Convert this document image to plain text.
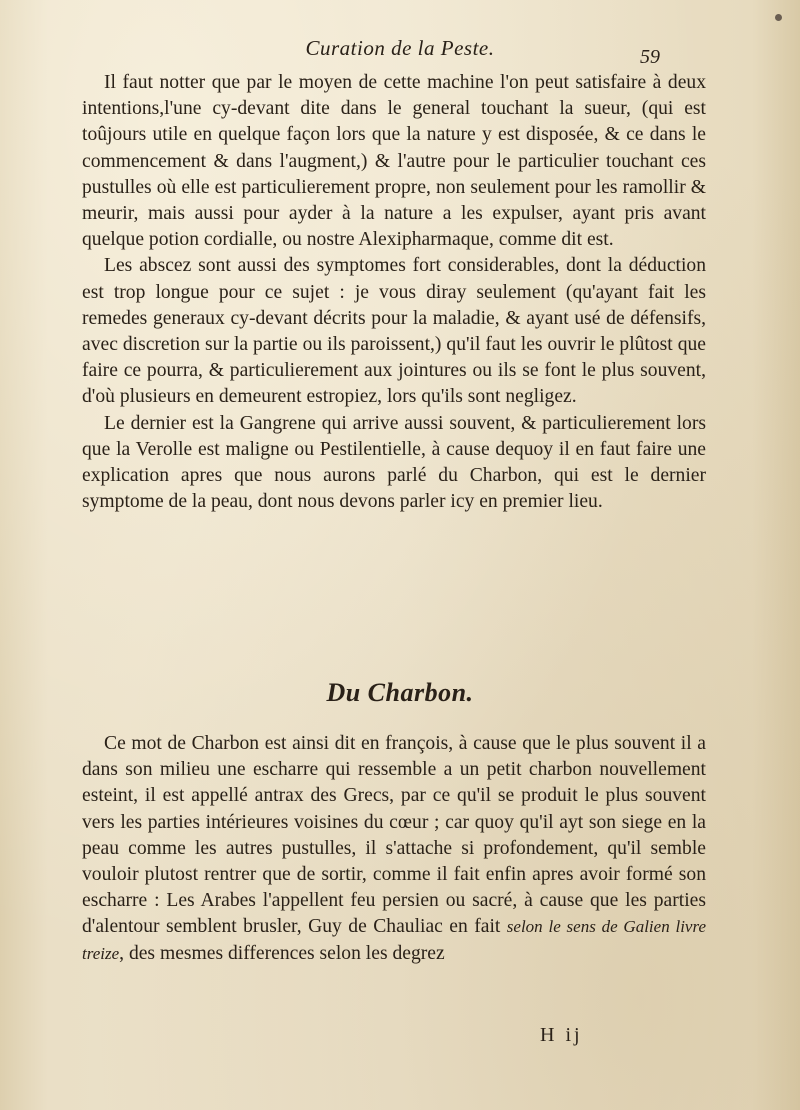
Curation de la Peste.	59

Il faut notter que par le moyen de cette machine l'on peut satisfaire à deux intentions,l'une cy-devant dite dans le general touchant la sueur, (qui est toûjours utile en quelque façon lors que la nature y est disposée, & ce dans le commencement & dans l'augment,) & l'autre pour le particulier touchant ces pustulles où elle est particulierement propre, non seulement pour les ramollir & meurir, mais aussi pour ayder à la nature a les expulser, ayant pris avant quelque potion cordialle, ou nostre Alexipharmaque, comme dit est.

Les abscez sont aussi des symptomes fort considerables, dont la déduction est trop longue pour ce sujet : je vous diray seulement (qu'ayant fait les remedes generaux cy-devant décrits pour la maladie, & ayant usé de défensifs, avec discretion sur la partie ou ils paroissent,) qu'il faut les ouvrir le plûtost que faire ce pourra, & particulierement aux jointures ou ils se font le plus souvent, d'où plusieurs en demeurent estropiez, lors qu'ils sont negligez.

Le dernier est la Gangrene qui arrive aussi souvent, & particulierement lors que la Verolle est maligne ou Pestilentielle, à cause dequoy il en faut faire une explication apres que nous aurons parlé du Charbon, qui est le dernier symptome de la peau, dont nous devons parler icy en premier lieu.

Du Charbon.

Ce mot de Charbon est ainsi dit en françois, à cause que le plus souvent il a dans son milieu une escharre qui ressemble a un petit charbon nouvellement esteint, il est appellé antrax des Grecs, par ce qu'il se produit le plus souvent vers les parties intérieures voisines du cœur ; car quoy qu'il ayt son siege en la peau comme les autres pustulles, il s'attache si profondement, qu'il semble vouloir plutost rentrer que de sortir, comme il fait enfin apres avoir formé son escharre : Les Arabes l'appellent feu persien ou sacré, à cause que les parties d'alentour semblent brusler, Guy de Chauliac en fait selon le sens de Galien livre treize, des mesmes differences selon les degrez

H ij
